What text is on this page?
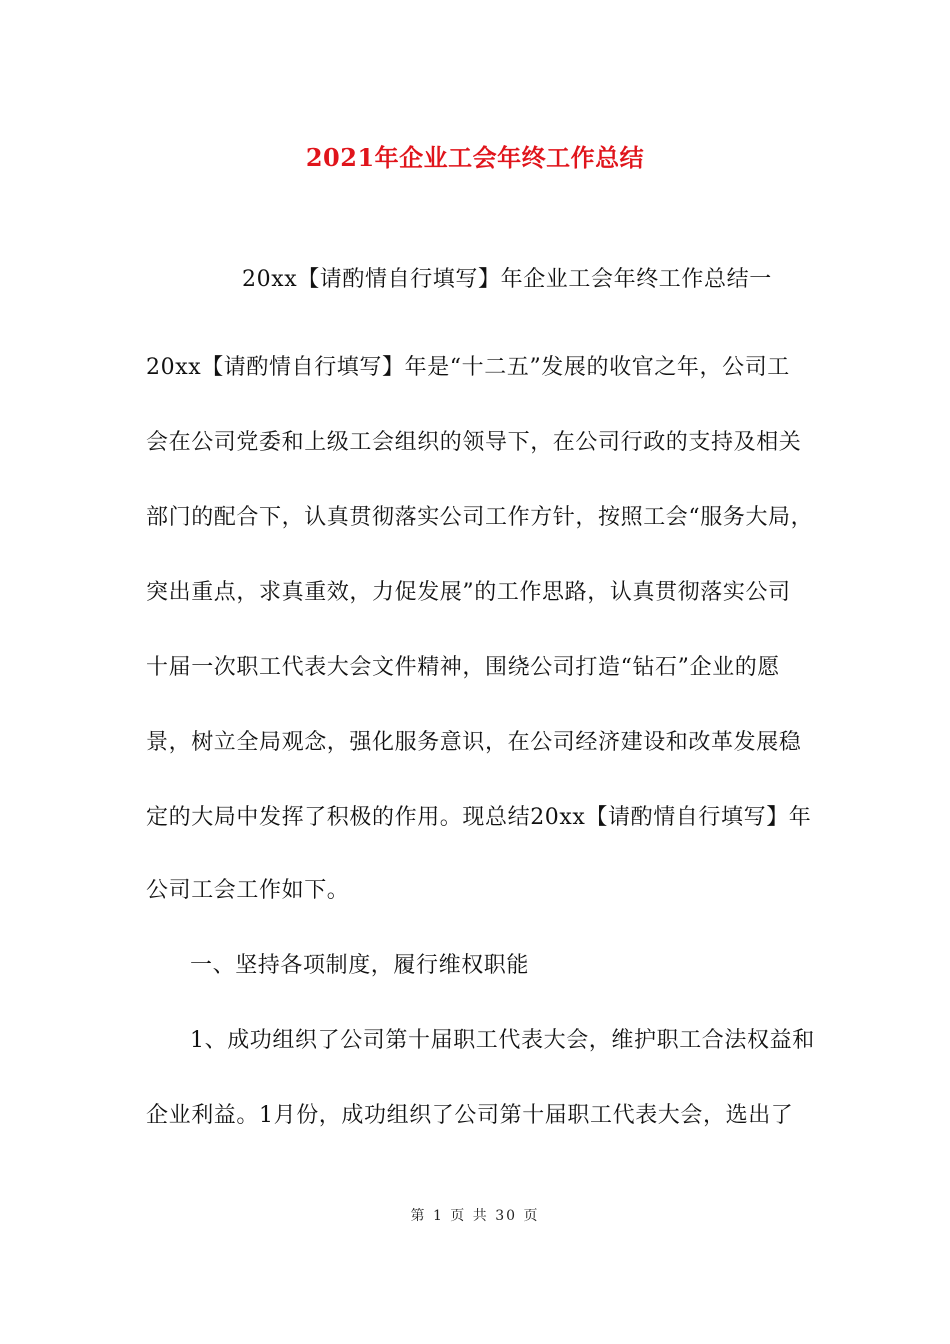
2021年企业工会年终工作总结
20xx【请酌情自行填写】年企业工会年终工作总结一
20xx【请酌情自行填写】年是“十二五”发展的收官之年，公司工
会在公司党委和上级工会组织的领导下，在公司行政的支持及相关
部门的配合下，认真贯彻落实公司工作方针，按照工会“服务大局，
突出重点，求真重效，力促发展”的工作思路，认真贯彻落实公司
十届一次职工代表大会文件精神，围绕公司打造“钻石”企业的愿
景，树立全局观念，强化服务意识，在公司经济建设和改革发展稳
定的大局中发挥了积极的作用。现总结20xx【请酌情自行填写】年
公司工会工作如下。
一、坚持各项制度，履行维权职能
1、成功组织了公司第十届职工代表大会，维护职工合法权益和
企业利益。1月份，成功组织了公司第十届职工代表大会，选出了
第 1 页 共 30 页
